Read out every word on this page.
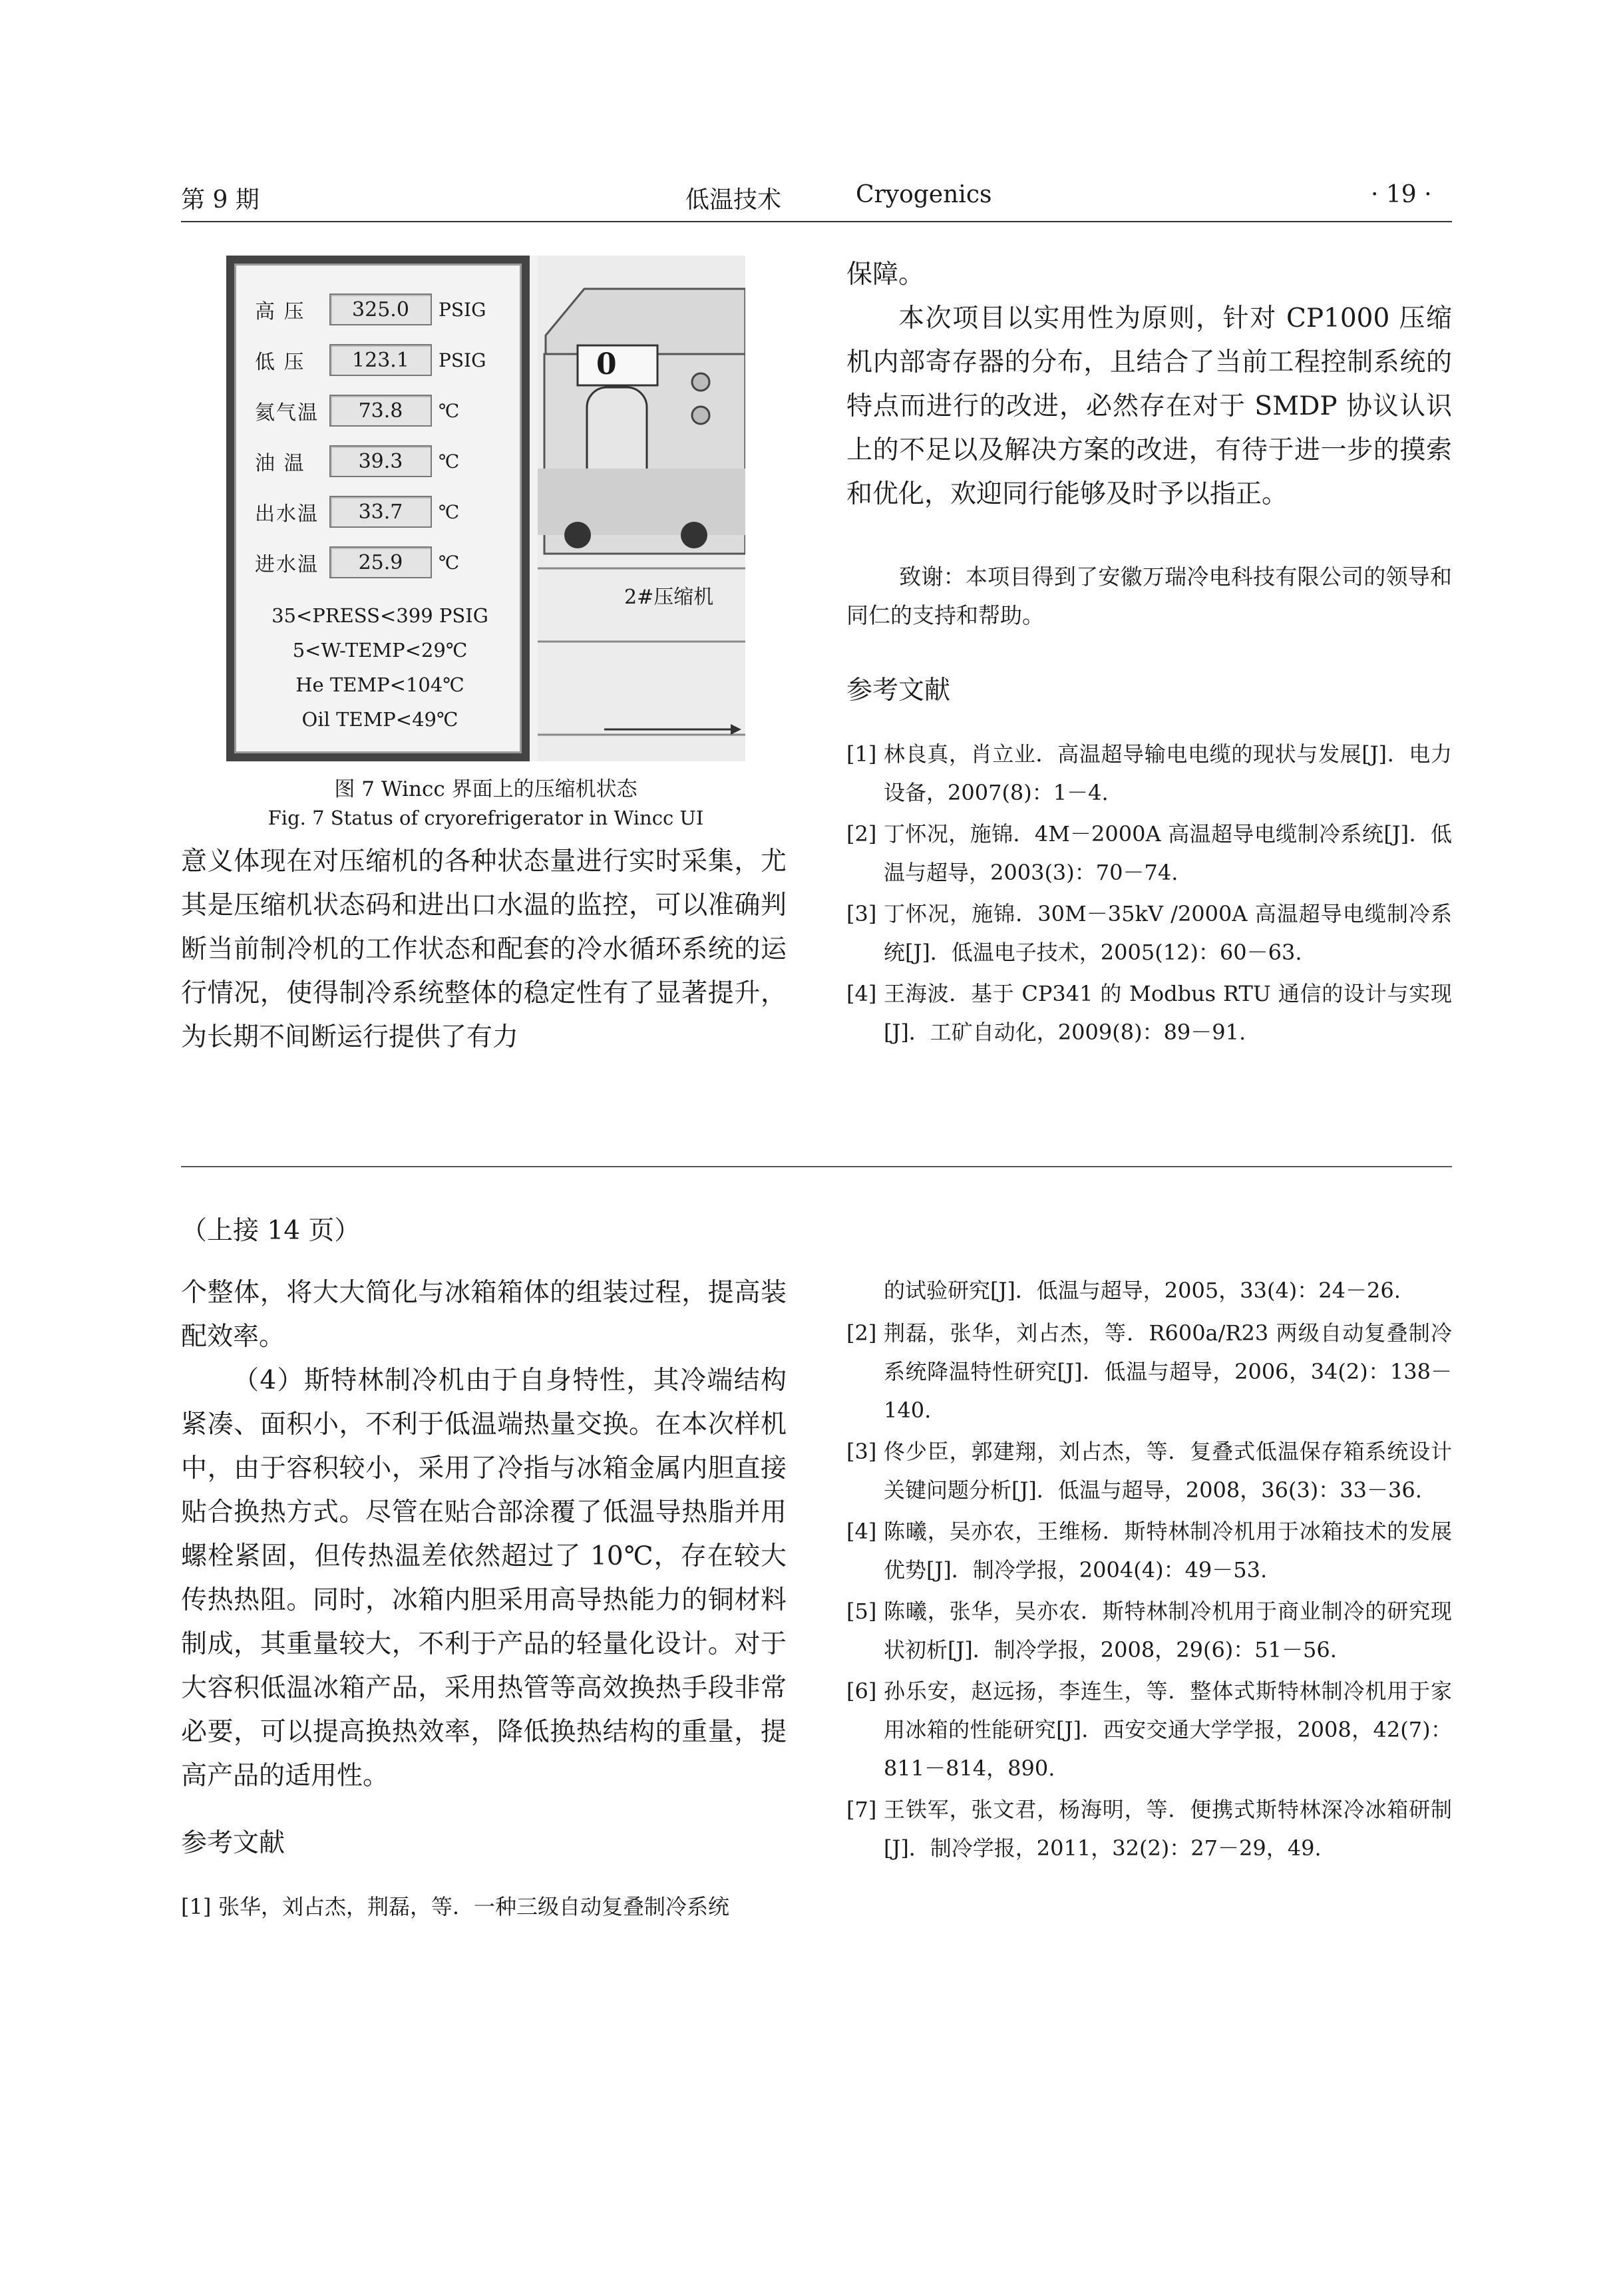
第 9 期	低温技术	Cryogenics	· 19 ·
高 压	325.0	PSIG
低 压	123.1	PSIG
氦气温	73.8	℃
油 温	39.3	℃
出水温	33.7	℃
进水温	25.9	℃
35<PRESS<399 PSIG
5<W-TEMP<29℃
He TEMP<104℃
Oil TEMP<49℃
0
2#压缩机
图 7 Wincc 界面上的压缩机状态
Fig. 7 Status of cryorefrigerator in Wincc UI

意义体现在对压缩机的各种状态量进行实时采集，尤其是压缩机状态码和进出口水温的监控，可以准确判断当前制冷机的工作状态和配套的冷水循环系统的运行情况，使得制冷系统整体的稳定性有了显著提升，为长期不间断运行提供了有力

保障。

本次项目以实用性为原则，针对 CP1000 压缩机内部寄存器的分布，且结合了当前工程控制系统的特点而进行的改进，必然存在对于 SMDP 协议认识上的不足以及解决方案的改进，有待于进一步的摸索和优化，欢迎同行能够及时予以指正。

致谢：本项目得到了安徽万瑞冷电科技有限公司的领导和同仁的支持和帮助。
参考文献
[1] 林良真，肖立业．高温超导输电电缆的现状与发展[J]．电力设备，2007(8)：1－4.
[2] 丁怀况，施锦．4M－2000A 高温超导电缆制冷系统[J]．低温与超导，2003(3)：70－74.
[3] 丁怀况，施锦．30M－35kV /2000A 高温超导电缆制冷系统[J]．低温电子技术，2005(12)：60－63.
[4] 王海波．基于 CP341 的 Modbus RTU 通信的设计与实现[J]．工矿自动化，2009(8)：89－91.
（上接 14 页）

个整体，将大大简化与冰箱箱体的组装过程，提高装配效率。

（4）斯特林制冷机由于自身特性，其冷端结构紧凑、面积小，不利于低温端热量交换。在本次样机中，由于容积较小，采用了冷指与冰箱金属内胆直接贴合换热方式。尽管在贴合部涂覆了低温导热脂并用螺栓紧固，但传热温差依然超过了 10℃，存在较大传热热阻。同时，冰箱内胆采用高导热能力的铜材料制成，其重量较大，不利于产品的轻量化设计。对于大容积低温冰箱产品，采用热管等高效换热手段非常必要，可以提高换热效率，降低换热结构的重量，提高产品的适用性。

参考文献
[1] 张华，刘占杰，荆磊，等．一种三级自动复叠制冷系统
的试验研究[J]．低温与超导，2005，33(4)：24－26.
[2] 荆磊，张华，刘占杰，等．R600a/R23 两级自动复叠制冷系统降温特性研究[J]．低温与超导，2006，34(2)：138－140.
[3] 佟少臣，郭建翔，刘占杰，等．复叠式低温保存箱系统设计关键问题分析[J]．低温与超导，2008，36(3)：33－36.
[4] 陈曦，吴亦农，王维杨．斯特林制冷机用于冰箱技术的发展优势[J]．制冷学报，2004(4)：49－53.
[5] 陈曦，张华，吴亦农．斯特林制冷机用于商业制冷的研究现状初析[J]．制冷学报，2008，29(6)：51－56.
[6] 孙乐安，赵远扬，李连生，等．整体式斯特林制冷机用于家用冰箱的性能研究[J]．西安交通大学学报，2008，42(7)：811－814，890.
[7] 王铁军，张文君，杨海明，等．便携式斯特林深冷冰箱研制[J]．制冷学报，2011，32(2)：27－29，49.
